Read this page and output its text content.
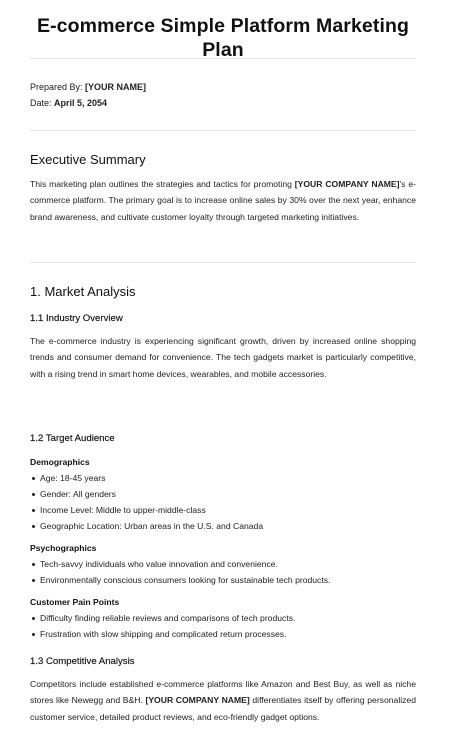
E-commerce Simple Platform Marketing Plan
Prepared By: [YOUR NAME]
Date: April 5, 2054
Executive Summary

This marketing plan outlines the strategies and tactics for promoting [YOUR COMPANY NAME]'s e-commerce platform. The primary goal is to increase online sales by 30% over the next year, enhance brand awareness, and cultivate customer loyalty through targeted marketing initiatives.

1. Market Analysis
1.1 Industry Overview

The e-commerce industry is experiencing significant growth, driven by increased online shopping trends and consumer demand for convenience. The tech gadgets market is particularly competitive, with a rising trend in smart home devices, wearables, and mobile accessories.

1.2 Target Audience
Demographics
Age: 18-45 years
Gender: All genders
Income Level: Middle to upper-middle-class
Geographic Location: Urban areas in the U.S. and Canada
Psychographics
Tech-savvy individuals who value innovation and convenience.
Environmentally conscious consumers looking for sustainable tech products.
Customer Pain Points
Difficulty finding reliable reviews and comparisons of tech products.
Frustration with slow shipping and complicated return processes.
1.3 Competitive Analysis

Competitors include established e-commerce platforms like Amazon and Best Buy, as well as niche stores like Newegg and B&H. [YOUR COMPANY NAME] differentiates itself by offering personalized customer service, detailed product reviews, and eco-friendly gadget options.
